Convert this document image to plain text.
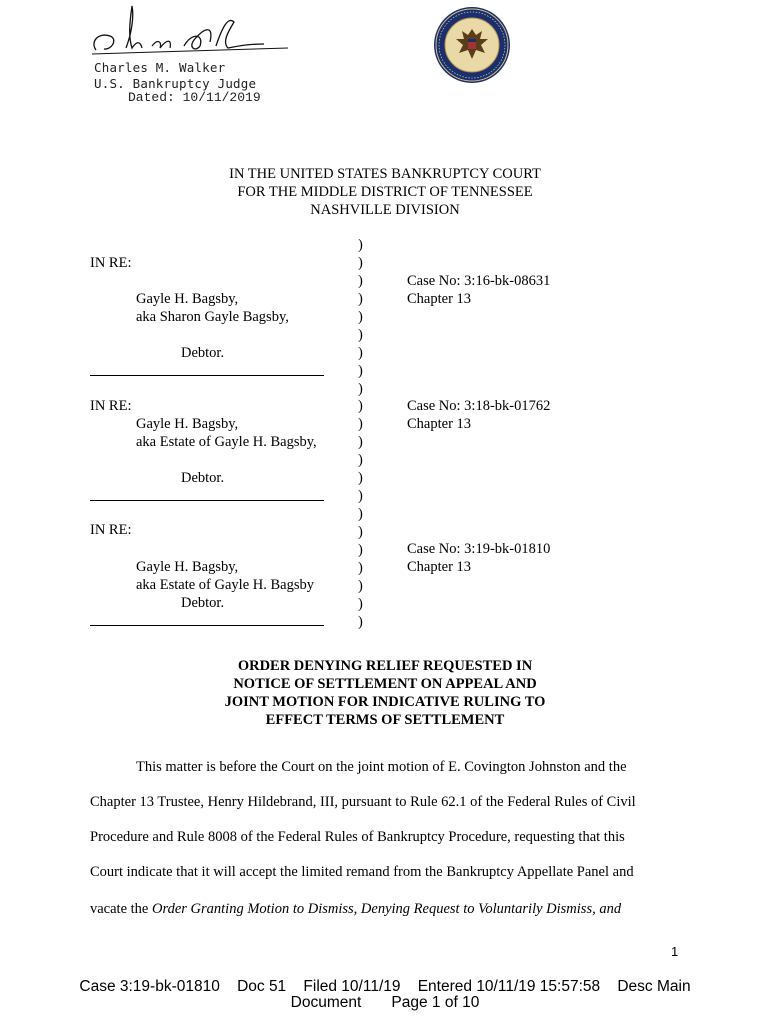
Charles M. Walker
U.S. Bankruptcy Judge
Dated: 10/11/2019
IN THE UNITED STATES BANKRUPTCY COURT
FOR THE MIDDLE DISTRICT OF TENNESSEE
NASHVILLE DIVISION
)
)
)
)
)
)
)
)
)
)
)
)
)
)
)
)
)
)
)
)
)
)
IN RE:
Gayle H. Bagsby,
aka Sharon Gayle Bagsby,
Debtor.
Case No: 3:16-bk-08631
Chapter 13
IN RE:
Gayle H. Bagsby,
aka Estate of Gayle H. Bagsby,
Debtor.
Case No: 3:18-bk-01762
Chapter 13
IN RE:
Gayle H. Bagsby,
aka Estate of Gayle H. Bagsby
Debtor.
Case No: 3:19-bk-01810
Chapter 13
ORDER DENYING RELIEF REQUESTED IN
NOTICE OF SETTLEMENT ON APPEAL AND
JOINT MOTION FOR INDICATIVE RULING TO
EFFECT TERMS OF SETTLEMENT
This matter is before the Court on the joint motion of E. Covington Johnston and the
Chapter 13 Trustee, Henry Hildebrand, III, pursuant to Rule 62.1 of the Federal Rules of Civil
Procedure and Rule 8008 of the Federal Rules of Bankruptcy Procedure, requesting that this
Court indicate that it will accept the limited remand from the Bankruptcy Appellate Panel and
vacate the Order Granting Motion to Dismiss, Denying Request to Voluntarily Dismiss, and
1
Case 3:19-bk-01810    Doc 51    Filed 10/11/19    Entered 10/11/19 15:57:58    Desc Main
Document       Page 1 of 10
